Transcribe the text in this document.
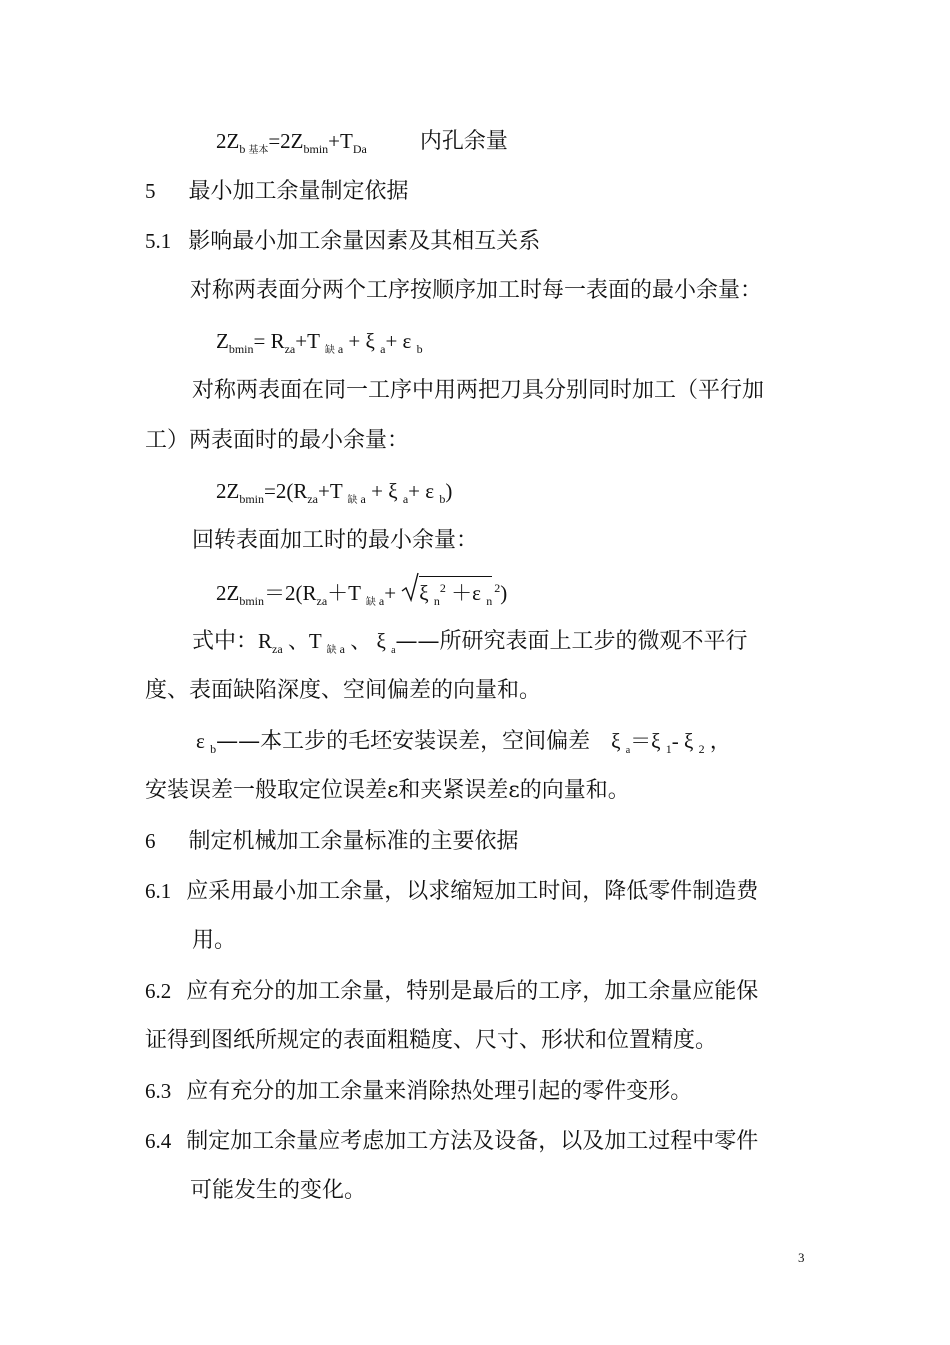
$2Z_{b 基本}=2Z_{bmin}+T_{Da}$ 内孔余量
5 最小加工余量制定依据
5.1 影响最小加工余量因素及其相互关系
对称两表面分两个工序按顺序加工时每一表面的最小余量：
$Z_{bmin}= R_{za}+T$ $_{缺 a}$ + ξ $_a$+ ε $_b$
对称两表面在同一工序中用两把刀具分别同时加工（平行加
工）两表面时的最小余量：
$2Z_{bmin}=2(R_{za}+T$ $_{缺 a}$ + ξ $_a$+ ε $_b$)
回转表面加工时的最小余量：
$2Z_{bmin}=2(R_{za}+T$ $_{缺 a}$+
ξ $_n^2$ ＋ε $_n^2$)
式中：$R_{za}$ 、T $_{缺 a}$ 、 ξ $_a$——所研究表面上工步的微观不平行
度、表面缺陷深度、空间偏差的向量和。
ε $_b$——本工步的毛坯安装误差，空间偏差 ξ $_a$＝ξ $_1$- ξ $_2$ ，
安装误差一般取定位误差ε和夹紧误差ε的向量和。
6 制定机械加工余量标准的主要依据
6.1 应采用最小加工余量，以求缩短加工时间，降低零件制造费
用。
6.2 应有充分的加工余量，特别是最后的工序，加工余量应能保
证得到图纸所规定的表面粗糙度、尺寸、形状和位置精度。
6.3 应有充分的加工余量来消除热处理引起的零件变形。
6.4 制定加工余量应考虑加工方法及设备，以及加工过程中零件
可能发生的变化。
3
